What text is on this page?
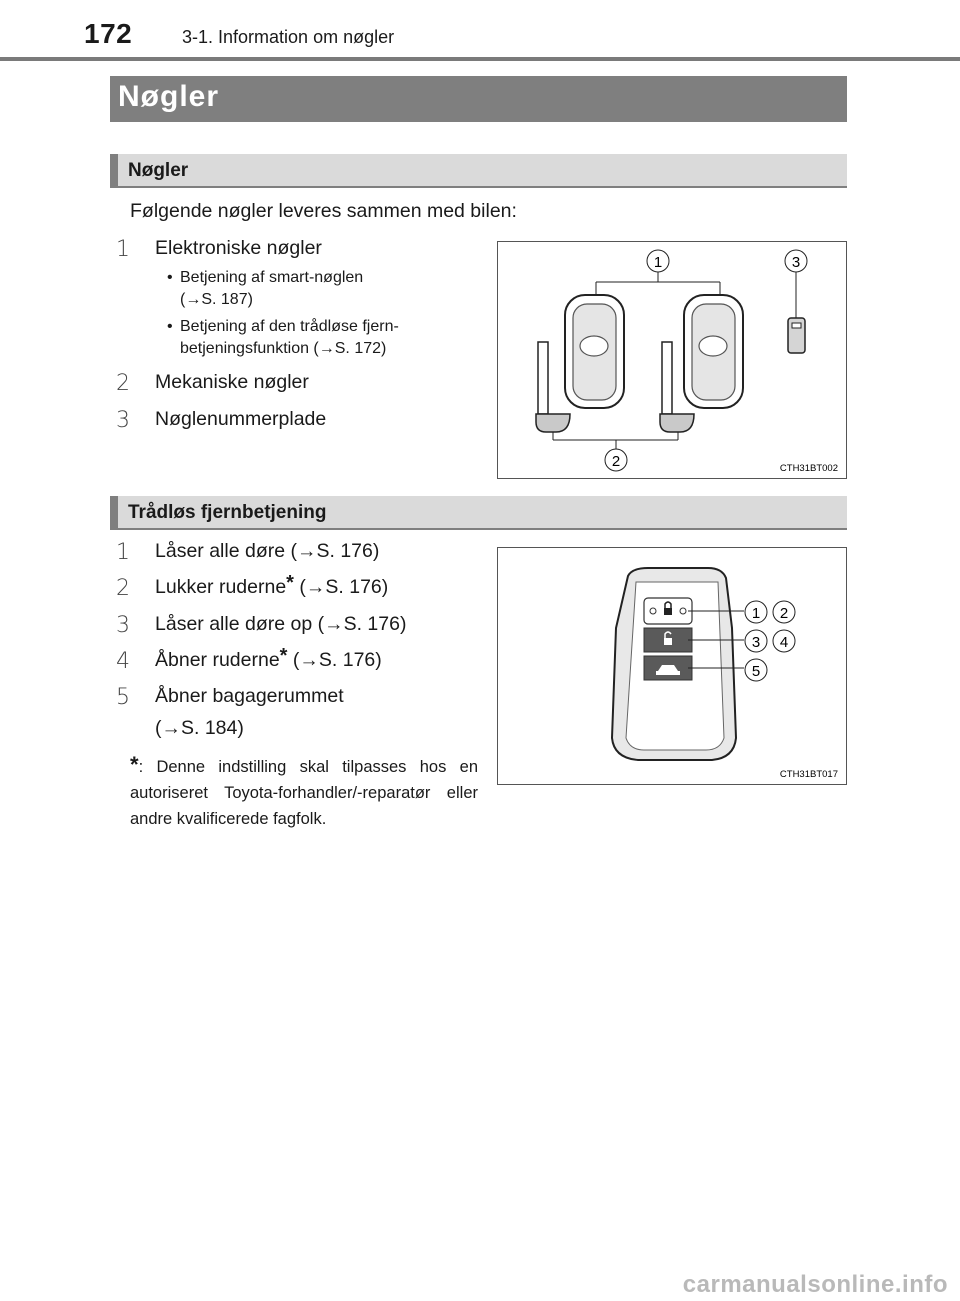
172	3-1. Information om nøgler
Nøgler
Nøgler
Følgende nøgler leveres sammen med bilen:
1	Elektroniske nøgler
• Betjening af smart-nøglen
(→S. 187)
• Betjening af den trådløse fjern-
betjeningsfunktion (→S. 172)
2	Mekaniske nøgler
3	Nøglenummerplade
1	3
2	CTH31BT002
Trådløs fjernbetjening
1	Låser alle døre (→S. 176)
2	Lukker ruderne* (→S. 176)
3	Låser alle døre op (→S. 176)
4	Åbner ruderne* (→S. 176)
5	Åbner bagagerummet
(→S. 184)
*: Denne indstilling skal tilpasses hos en autoriseret Toyota-forhandler/-reparatør eller andre kvalificerede fagfolk.
1 2
3 4
5
CTH31BT017
carmanualsonline.info
